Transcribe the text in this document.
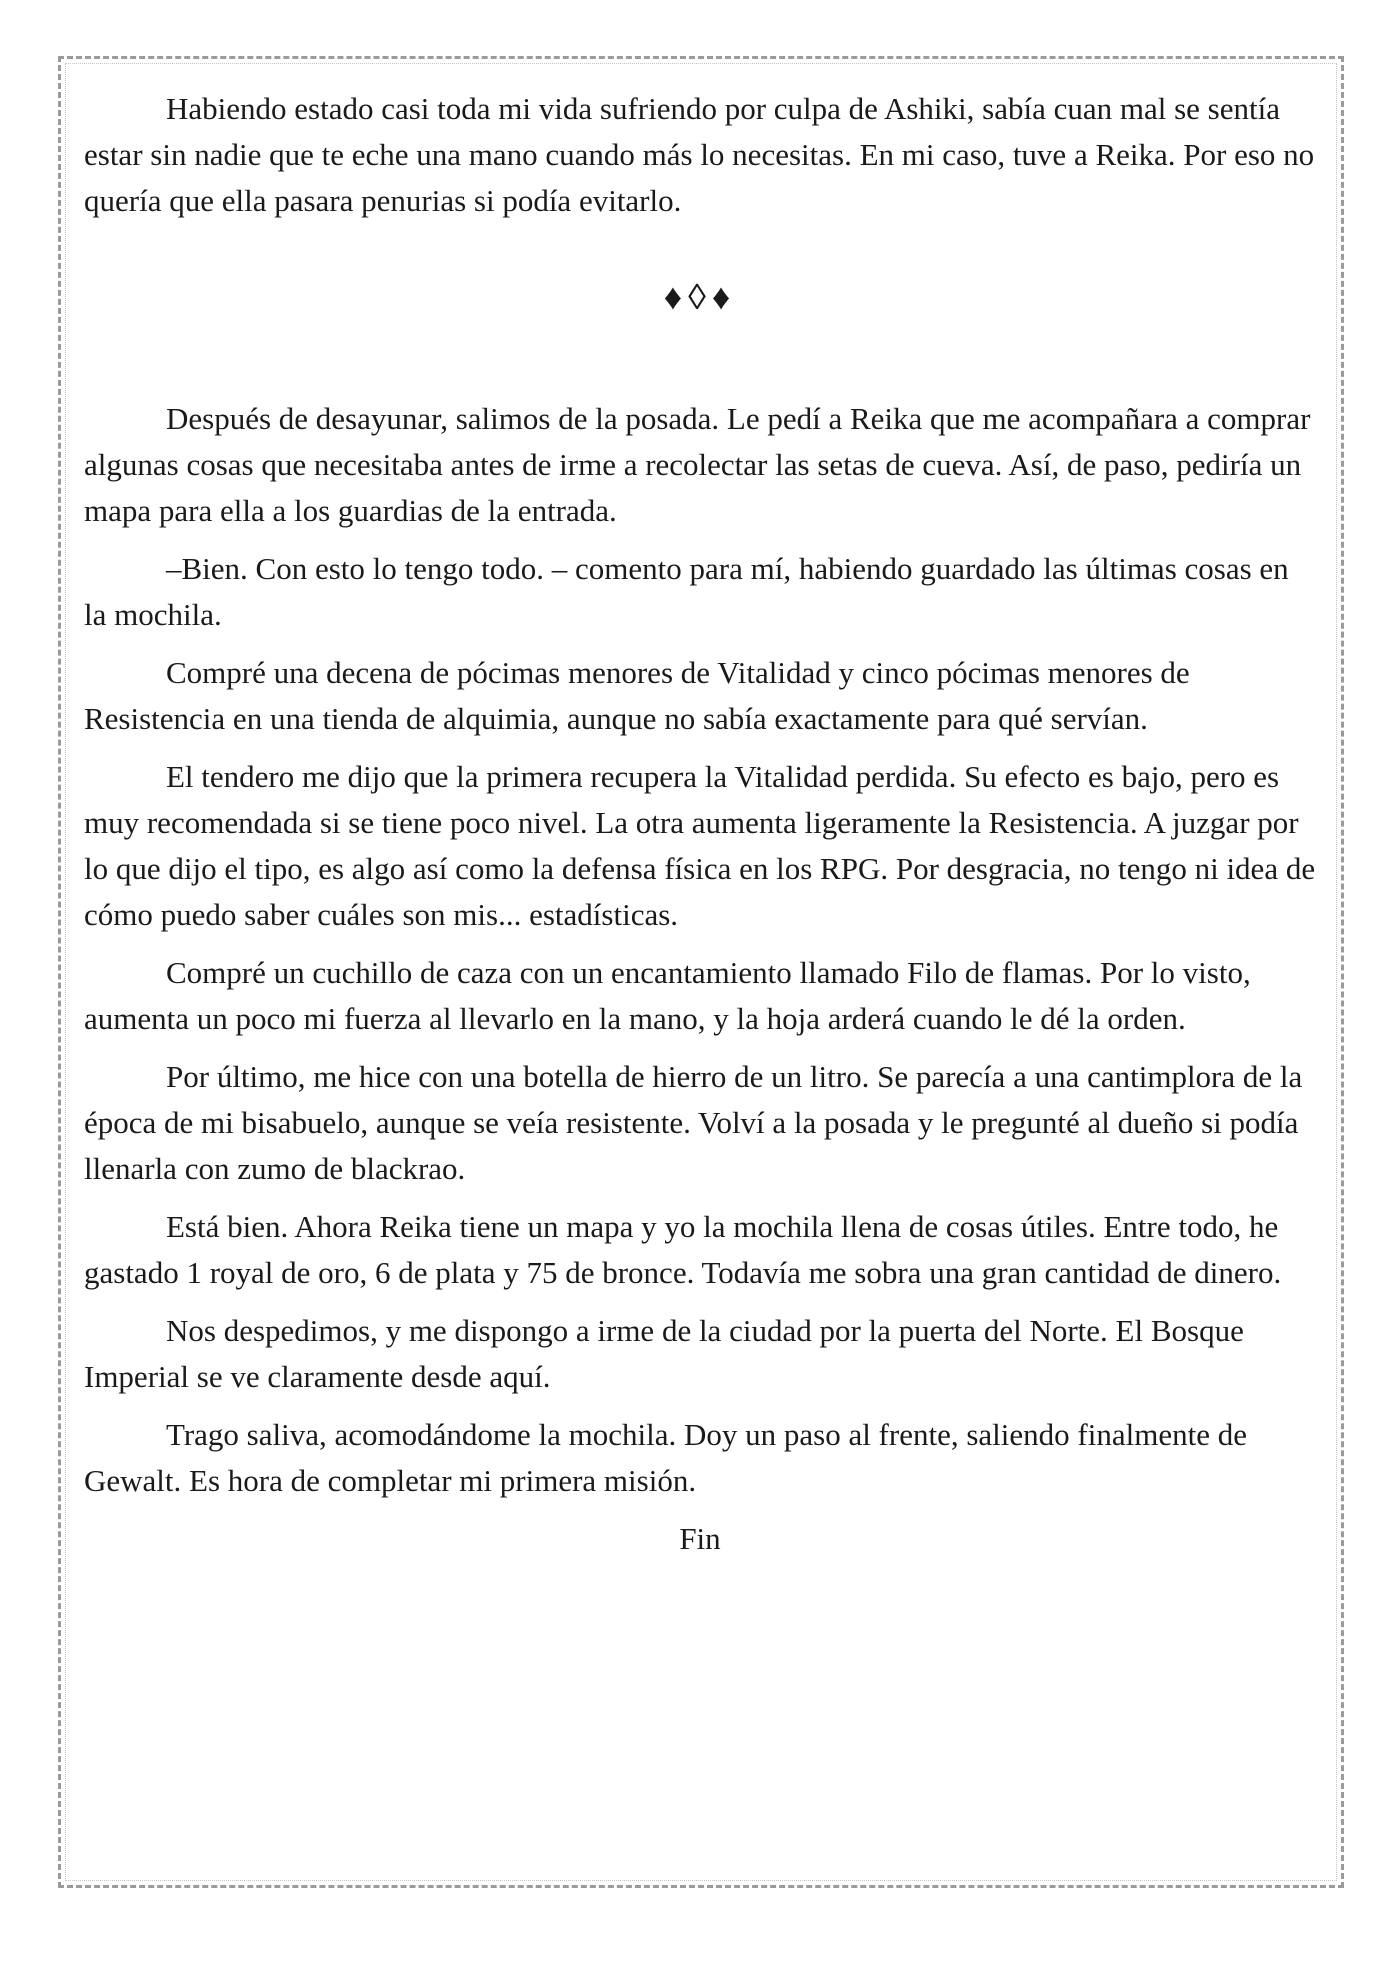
Habiendo estado casi toda mi vida sufriendo por culpa de Ashiki, sabía cuan mal se sentía estar sin nadie que te eche una mano cuando más lo necesitas. En mi caso, tuve a Reika. Por eso no quería que ella pasara penurias si podía evitarlo.

♦◊♦

Después de desayunar, salimos de la posada. Le pedí a Reika que me acompañara a comprar algunas cosas que necesitaba antes de irme a recolectar las setas de cueva. Así, de paso, pediría un mapa para ella a los guardias de la entrada.

–Bien. Con esto lo tengo todo. – comento para mí, habiendo guardado las últimas cosas en la mochila.

Compré una decena de pócimas menores de Vitalidad y cinco pócimas menores de Resistencia en una tienda de alquimia, aunque no sabía exactamente para qué servían.

El tendero me dijo que la primera recupera la Vitalidad perdida. Su efecto es bajo, pero es muy recomendada si se tiene poco nivel. La otra aumenta ligeramente la Resistencia. A juzgar por lo que dijo el tipo, es algo así como la defensa física en los RPG. Por desgracia, no tengo ni idea de cómo puedo saber cuáles son mis... estadísticas.

Compré un cuchillo de caza con un encantamiento llamado Filo de flamas. Por lo visto, aumenta un poco mi fuerza al llevarlo en la mano, y la hoja arderá cuando le dé la orden.

Por último, me hice con una botella de hierro de un litro. Se parecía a una cantimplora de la época de mi bisabuelo, aunque se veía resistente. Volví a la posada y le pregunté al dueño si podía llenarla con zumo de blackrao.

Está bien. Ahora Reika tiene un mapa y yo la mochila llena de cosas útiles. Entre todo, he gastado 1 royal de oro, 6 de plata y 75 de bronce. Todavía me sobra una gran cantidad de dinero.

Nos despedimos, y me dispongo a irme de la ciudad por la puerta del Norte. El Bosque Imperial se ve claramente desde aquí.

Trago saliva, acomodándome la mochila. Doy un paso al frente, saliendo finalmente de Gewalt. Es hora de completar mi primera misión.

Fin
